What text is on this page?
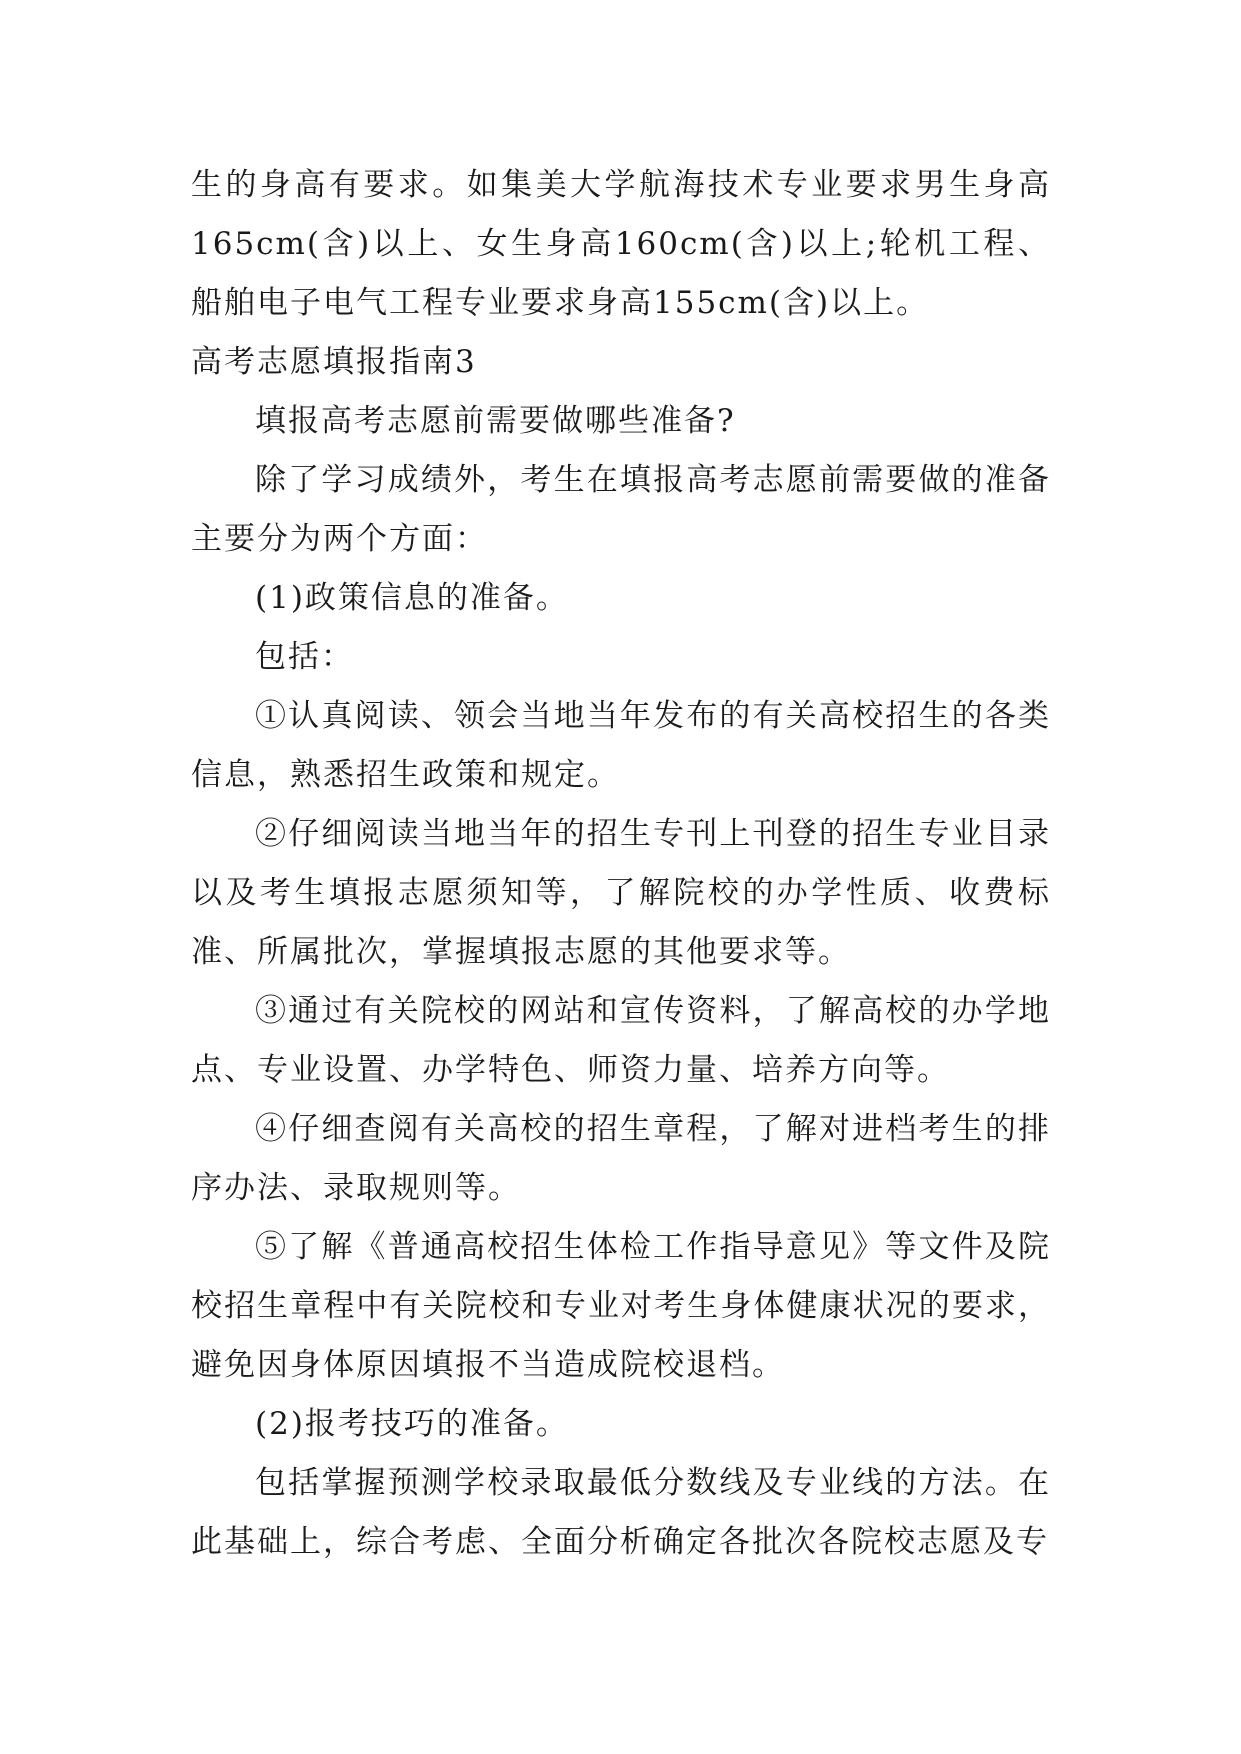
生的身高有要求。如集美大学航海技术专业要求男生身高165cm(含)以上、女生身高160cm(含)以上;轮机工程、船舶电子电气工程专业要求身高155cm(含)以上。

高考志愿填报指南3

填报高考志愿前需要做哪些准备?

除了学习成绩外，考生在填报高考志愿前需要做的准备主要分为两个方面：

(1)政策信息的准备。

包括：

①认真阅读、领会当地当年发布的有关高校招生的各类信息，熟悉招生政策和规定。

②仔细阅读当地当年的招生专刊上刊登的招生专业目录以及考生填报志愿须知等，了解院校的办学性质、收费标准、所属批次，掌握填报志愿的其他要求等。

③通过有关院校的网站和宣传资料，了解高校的办学地点、专业设置、办学特色、师资力量、培养方向等。

④仔细查阅有关高校的招生章程，了解对进档考生的排序办法、录取规则等。

⑤了解《普通高校招生体检工作指导意见》等文件及院校招生章程中有关院校和专业对考生身体健康状况的要求，避免因身体原因填报不当造成院校退档。

(2)报考技巧的准备。

包括掌握预测学校录取最低分数线及专业线的方法。在此基础上，综合考虑、全面分析确定各批次各院校志愿及专
